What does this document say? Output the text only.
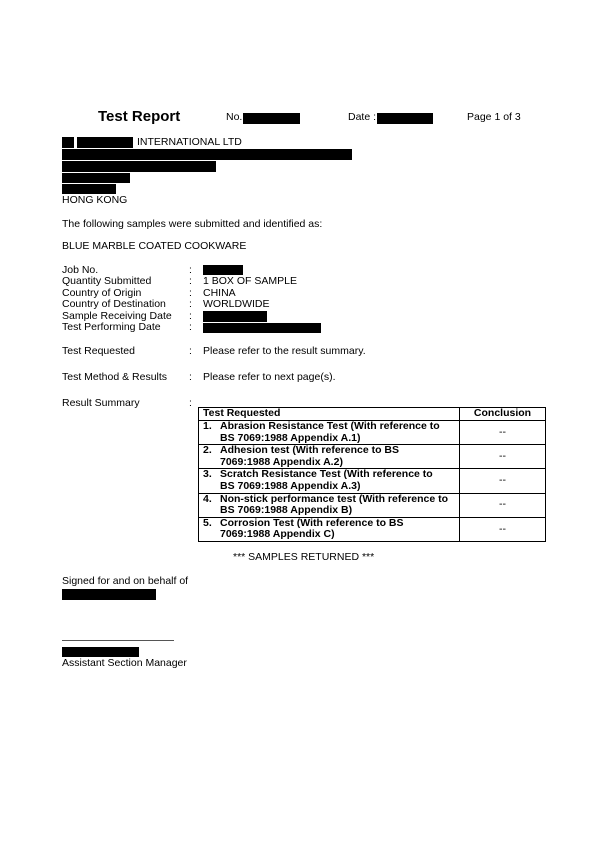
Test Report	No.	Date :	Page 1 of 3
INTERNATIONAL LTD
HONG KONG
The following samples were submitted and identified as:
BLUE MARBLE COATED COOKWARE
Job No.	:
Quantity Submitted	: 1 BOX OF SAMPLE
Country of Origin	: CHINA
Country of Destination : WORLDWIDE
Sample Receiving Date :
Test Performing Date	:
Test Requested	: Please refer to the result summary.
Test Method & Results : Please refer to next page(s).
Result Summary	:
Test Requested	Conclusion
1. Abrasion Resistance Test (With reference to BS 7069:1988 Appendix A.1)	--
2. Adhesion test (With reference to BS 7069:1988 Appendix A.2)	--
3. Scratch Resistance Test (With reference to BS 7069:1988 Appendix A.3)	--
4. Non-stick performance test (With reference to BS 7069:1988 Appendix B)	--
5. Corrosion Test (With reference to BS 7069:1988 Appendix C)	--
*** SAMPLES RETURNED ***
Signed for and on behalf of
Assistant Section Manager
